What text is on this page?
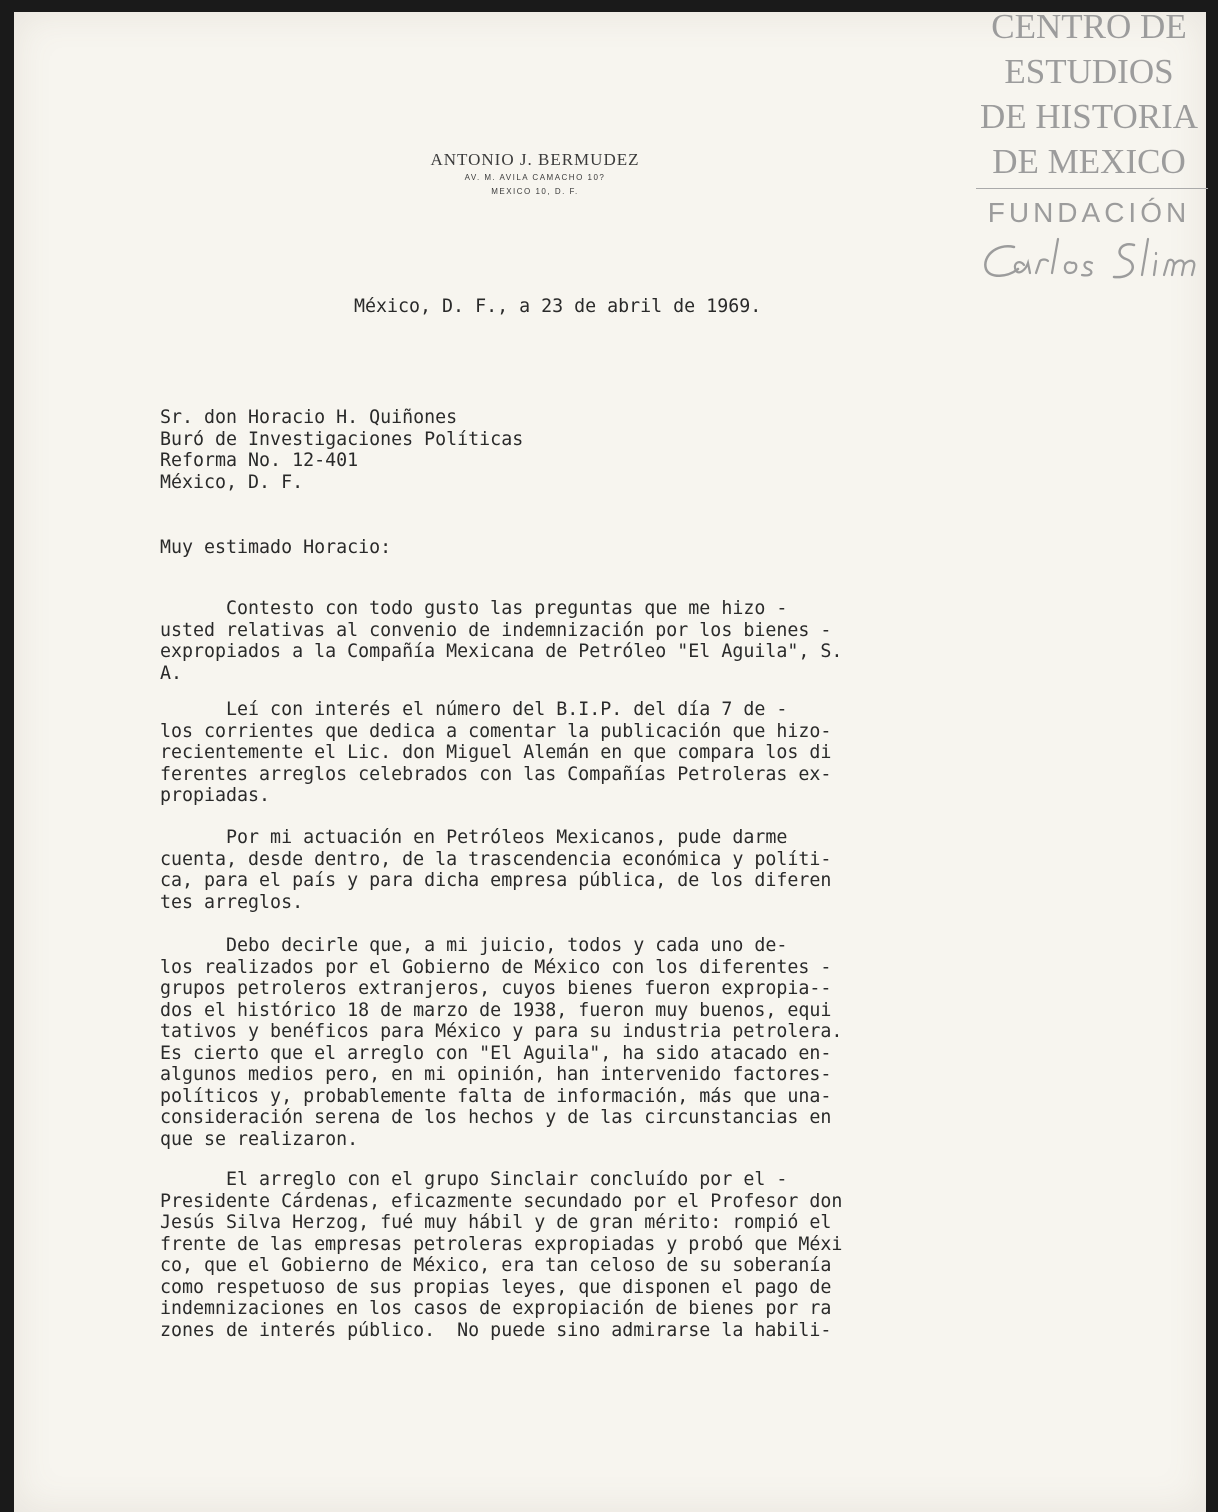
ANTONIO J. BERMUDEZ
AV. M. AVILA CAMACHO 10?
MEXICO 10, D. F.
CENTRO DE
ESTUDIOS
DE HISTORIA
DE MEXICO
FUNDACIÓN
México, D. F., a 23 de abril de 1969.
Sr. don Horacio H. Quiñones
Buró de Investigaciones Políticas
Reforma No. 12-401
México, D. F.
Muy estimado Horacio:
Contesto con todo gusto las preguntas que me hizo -
usted relativas al convenio de indemnización por los bienes -
expropiados a la Compañía Mexicana de Petróleo "El Aguila", S.
A.
Leí con interés el número del B.I.P. del día 7 de -
los corrientes que dedica a comentar la publicación que hizo-
recientemente el Lic. don Miguel Alemán en que compara los di
ferentes arreglos celebrados con las Compañías Petroleras ex-
propiadas.
Por mi actuación en Petróleos Mexicanos, pude darme
cuenta, desde dentro, de la trascendencia económica y políti-
ca, para el país y para dicha empresa pública, de los diferen
tes arreglos.
Debo decirle que, a mi juicio, todos y cada uno de-
los realizados por el Gobierno de México con los diferentes -
grupos petroleros extranjeros, cuyos bienes fueron expropia--
dos el histórico 18 de marzo de 1938, fueron muy buenos, equi
tativos y benéficos para México y para su industria petrolera.
Es cierto que el arreglo con "El Aguila", ha sido atacado en-
algunos medios pero, en mi opinión, han intervenido factores-
políticos y, probablemente falta de información, más que una-
consideración serena de los hechos y de las circunstancias en
que se realizaron.
El arreglo con el grupo Sinclair concluído por el -
Presidente Cárdenas, eficazmente secundado por el Profesor don
Jesús Silva Herzog, fué muy hábil y de gran mérito: rompió el
frente de las empresas petroleras expropiadas y probó que Méxi
co, que el Gobierno de México, era tan celoso de su soberanía
como respetuoso de sus propias leyes, que disponen el pago de
indemnizaciones en los casos de expropiación de bienes por ra
zones de interés público.  No puede sino admirarse la habili-
